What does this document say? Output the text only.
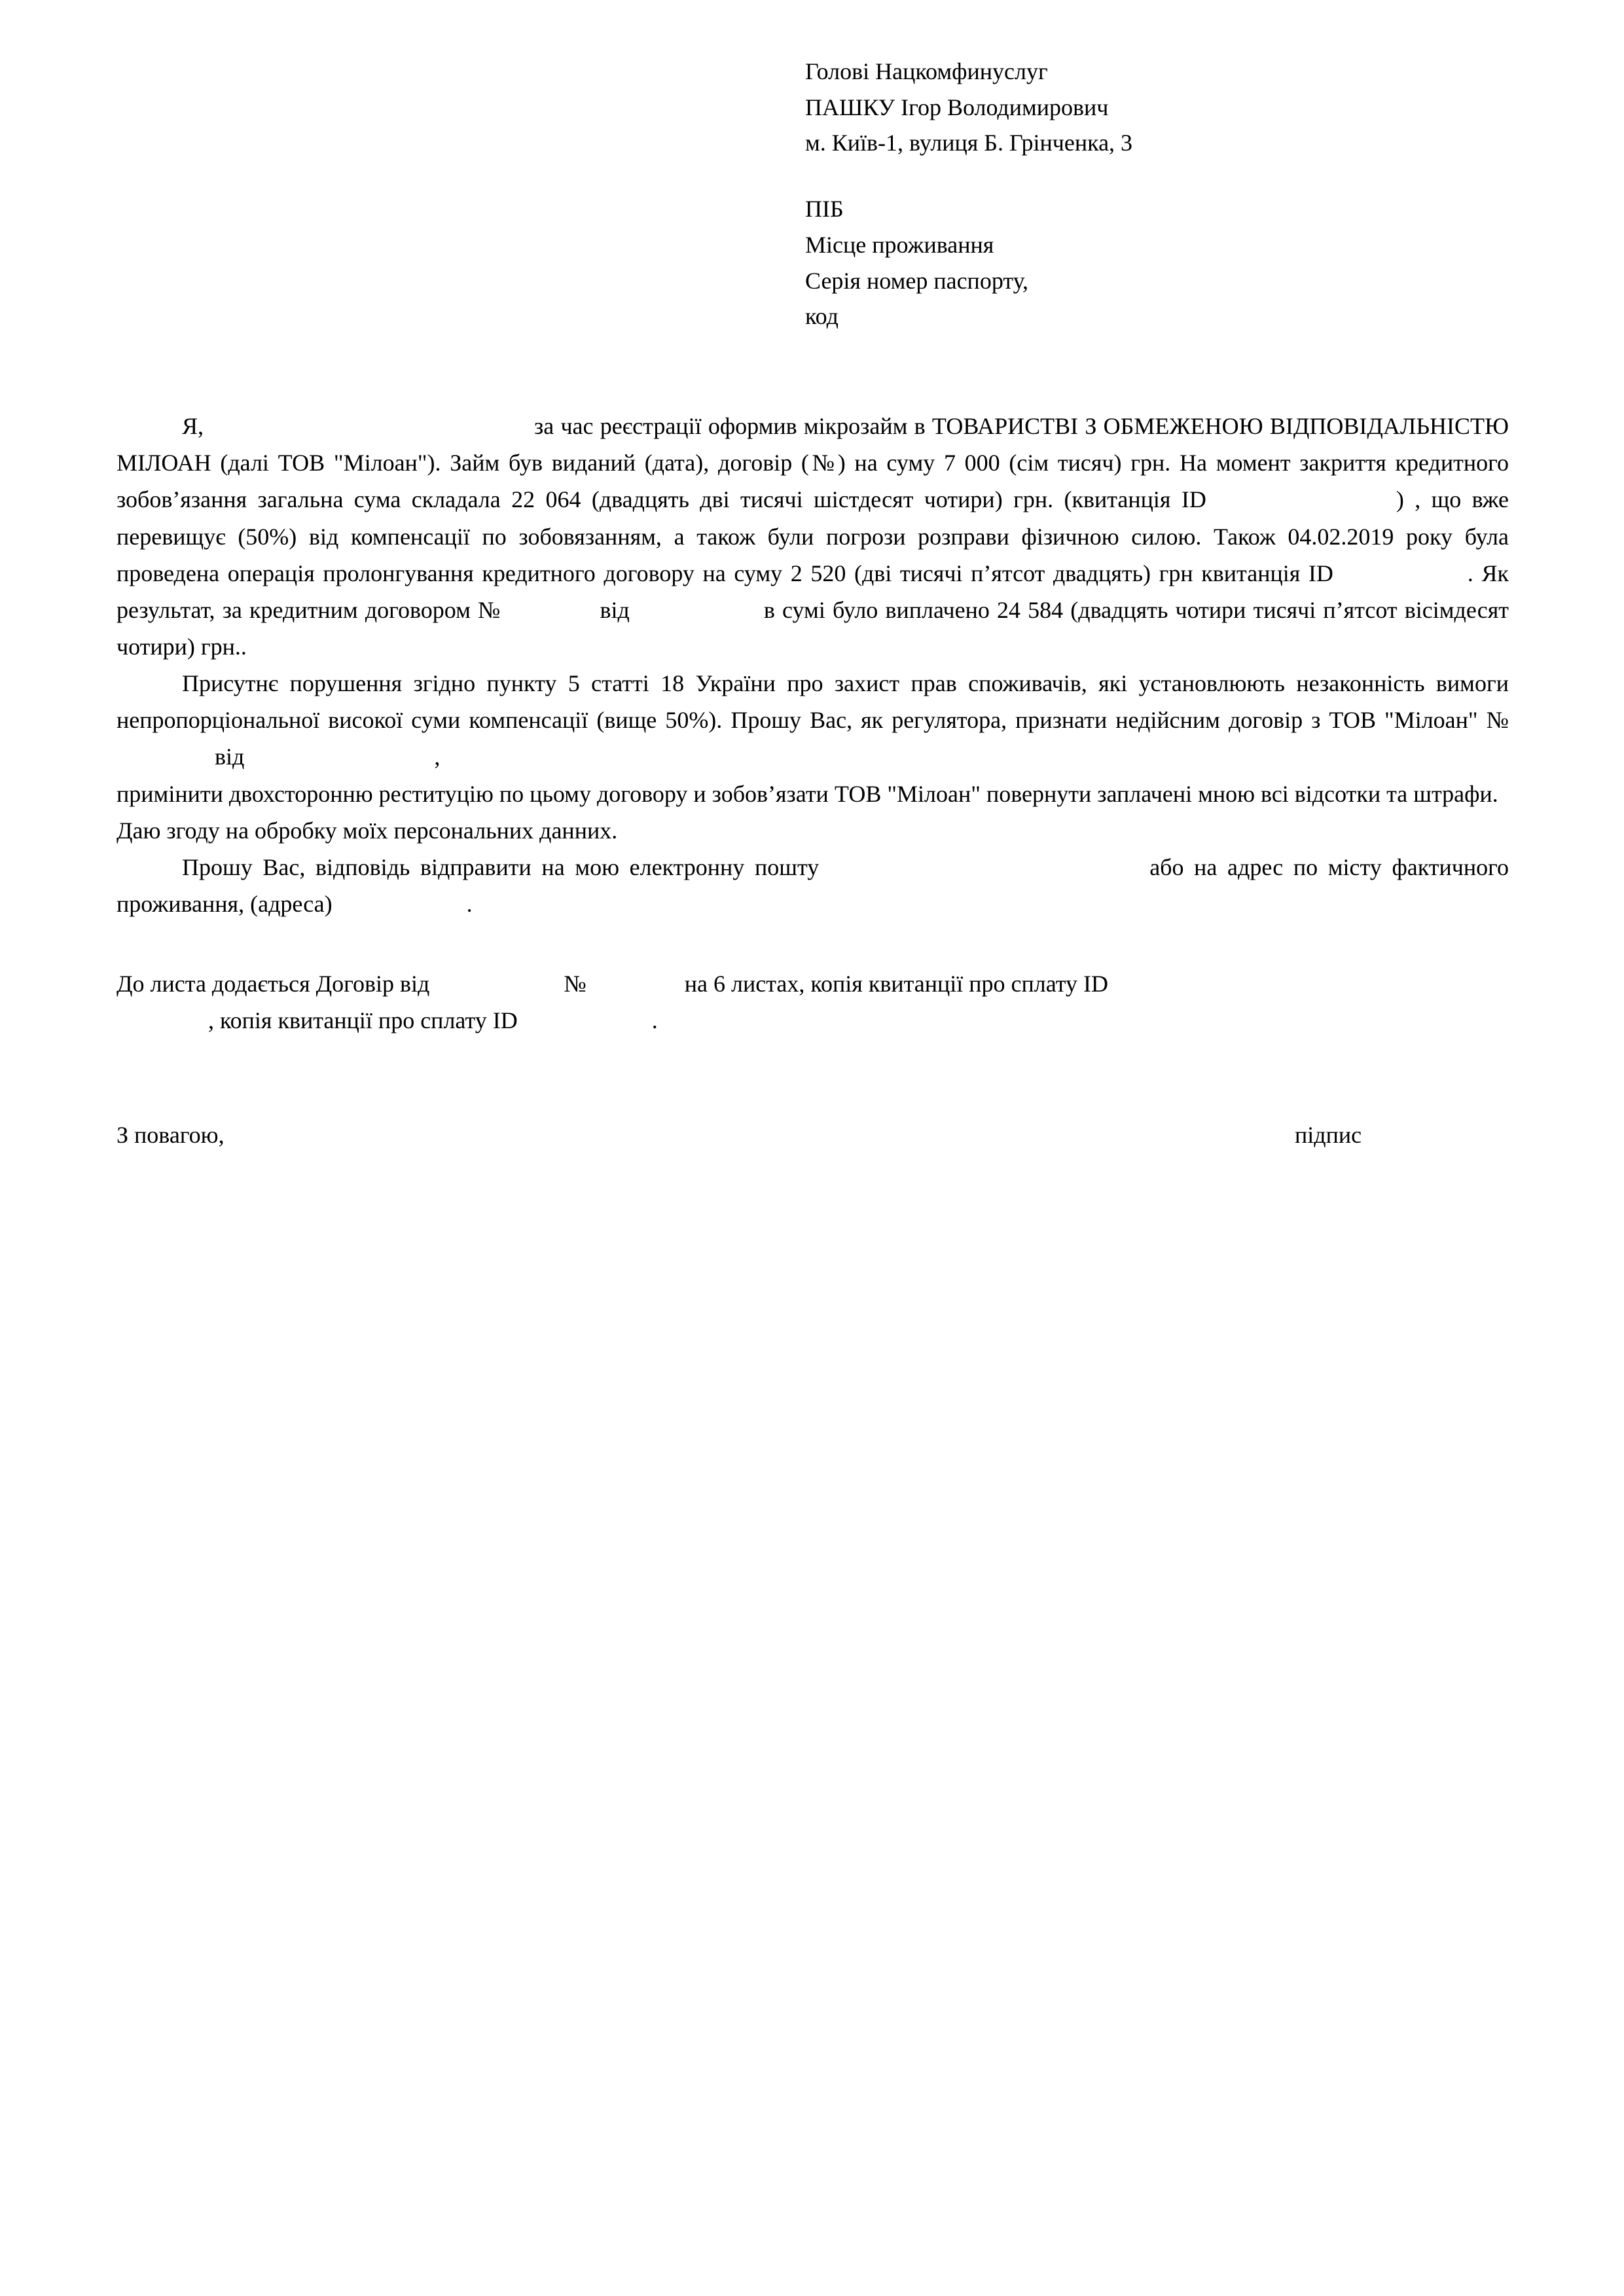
Голові Нацкомфинуслуг
ПАШКУ Ігор Володимирович
м. Київ-1, вулиця Б. Грінченка, 3
ПІБ
Місце проживання
Серія номер паспорту,
код

Я,	за час реєстрації оформив мікрозайм в ТОВАРИСТВІ З ОБМЕЖЕНОЮ ВІДПОВІДАЛЬНІСТЮ МІЛОАН (далі ТОВ "Мілоан"). Займ був виданий (дата), договір (№) на суму 7 000 (сім тисяч) грн. На момент закриття кредитного зобов’язання загальна сума складала 22 064 (двадцять дві тисячі шістдесят чотири) грн. (квитанція ID	) , що вже перевищує (50%) від компенсації по зобовязанням, а також були погрози розправи фізичною силою. Також 04.02.2019 року була проведена операція пролонгування кредитного договору на суму 2 520 (дві тисячі п’ятсот двадцять) грн квитанція ID	. Як результат, за кредитним договором №	від	в сумі було виплачено 24 584 (двадцять чотири тисячі п’ятсот вісімдесят чотири) грн..

Присутнє порушення згідно пункту 5 статті 18 України про захист прав споживачів, які установлюють незаконність вимоги непропорціональної високої суми компенсації (вище 50%). Прошу Вас, як регулятора, признати недійсним договір з ТОВ "Мілоан" №від	,

примінити двохсторонню реституцію по цьому договору и зобов’язати ТОВ "Мілоан" повернути заплачені мною всі відсотки та штрафи.

Даю згоду на обробку моїх персональних данних.

Прошу Вас, відповідь відправити на мою електронну пошту	або на адрес по місту фактичного проживання, (адреса)	.

До листа додається Договір від	№	на 6 листах, копія квитанції про сплату ID

, копія квитанції про сплату ID	.

З повагою,	підпис
